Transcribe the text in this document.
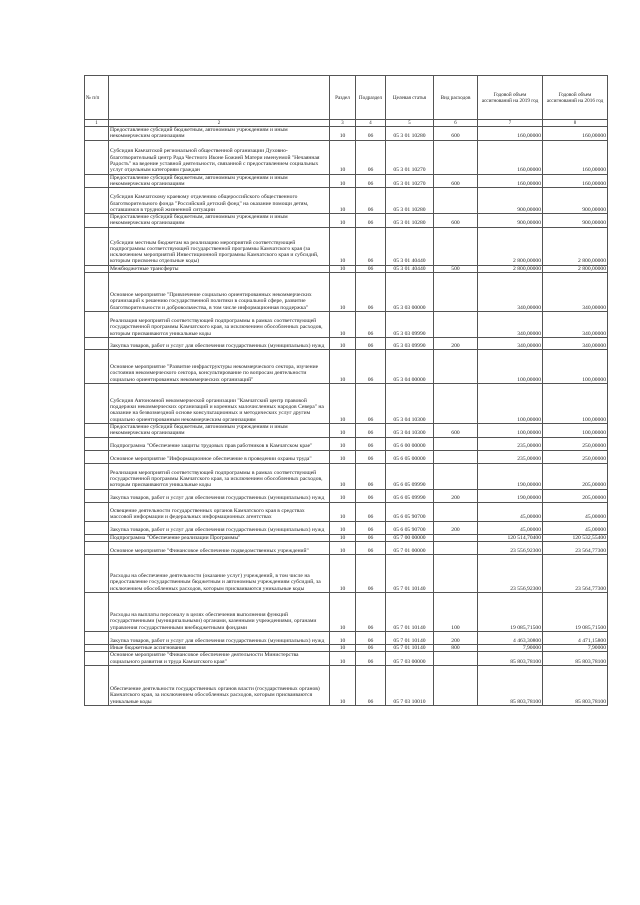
№ п/п		Раздел	Подраздел	Целевая статья	Вид расходов	Годовой объем ассигнований на 2019 год	Годовой объем ассигнований на 2016 год
1	2	3	4	5	6	7	8
	Предоставление субсидий бюджетным, автономным учреждениям и иным некоммерческим организациям	10	06	05 3 01 10280	600	160,00000	160,00000
	Субсидия Камчатской региональной общественной организации Духовно-благотворительный центр Рада Честного Иконе Божией Матери именуемой "Нечаянная Радость" на ведение уставной деятельности, связанной с предоставлением социальных услуг отдельным категориям граждан	10	06	05 3 01 10270		160,00000	160,00000
	Предоставление субсидий бюджетным, автономным учреждениям и иным некоммерческим организациям	10	06	05 3 01 10270	600	160,00000	160,00000
	Субсидия Камчатскому краевому отделению общероссийского общественного благотворительного фонда "Российский детский фонд" на оказание помощи детям, оставшимся в трудной жизненной ситуации	10	06	05 3 01 10280		900,00000	900,00000
	Предоставление субсидий бюджетным, автономным учреждениям и иным некоммерческим организациям	10	06	05 3 01 10280	600	900,00000	900,00000
	Субсидии местным бюджетам на реализацию мероприятий соответствующей подпрограммы соответствующей государственной программы Камчатского края (за исключением мероприятий Инвестиционной программы Камчатского края и субсидий, которым присвоены отдельные коды)	10	06	05 3 01 40440		2 800,00000	2 800,00000
	Межбюджетные трансферты	10	06	05 3 01 40440	500	2 800,00000	2 800,00000
	Основное мероприятие "Привлечение социально ориентированных некоммерческих организаций к решению государственной политики в социальной сфере, развитие благотворительности и добровольчества, в том числе информационная поддержка"	10	06	05 3 03 00000		340,00000	340,00000
	Реализация мероприятий соответствующей подпрограммы в рамках соответствующей государственной программы Камчатского края, за исключением обособленных расходов, которым присваиваются уникальные коды	10	06	05 3 03 09990		340,00000	340,00000
	Закупка товаров, работ и услуг для обеспечения государственных (муниципальных) нужд	10	06	05 3 03 09990	200	340,00000	340,00000
	Основное мероприятие "Развитие инфраструктуры некоммерческого сектора, изучение состояния некоммерческого сектора, консультирование по вопросам деятельности социально ориентированных некоммерческих организаций"	10	06	05 3 04 00000		100,00000	100,00000
	Субсидия Автономной некоммерческой организации "Камчатский центр правовой поддержки некоммерческих организаций и коренных малочисленных народов Севера" на оказание на безвозмездной основе консультационных и методических услуг другим социально ориентированным некоммерческим организациям	10	06	05 3 04 10300		100,00000	100,00000
	Предоставление субсидий бюджетным, автономным учреждениям и иным некоммерческим организациям	10	06	05 3 04 10300	600	100,00000	100,00000
	Подпрограмма "Обеспечение защиты трудовых прав работников в Камчатском крае"	10	06	05 6 00 00000		235,00000	250,00000
	Основное мероприятие "Информационное обеспечение в проведении охраны труда"	10	06	05 6 05 00000		235,00000	250,00000
	Реализация мероприятий соответствующей подпрограммы в рамках соответствующей государственной программы Камчатского края, за исключением обособленных расходов, которым присваиваются уникальные коды	10	06	05 6 05 09990		190,00000	205,00000
	Закупка товаров, работ и услуг для обеспечения государственных (муниципальных) нужд	10	06	05 6 05 09990	200	190,00000	205,00000
	Освещение деятельности государственных органов Камчатского края в средствах массовой информации и федеральных информационных агентствах	10	06	05 6 05 90700		45,00000	45,00000
	Закупка товаров, работ и услуг для обеспечения государственных (муниципальных) нужд	10	06	05 6 05 90700	200	45,00000	45,00000
	Подпрограмма "Обеспечение реализации Программы"	10	06	05 7 00 00000		120 514,70400	120 532,55400
	Основное мероприятие "Финансовое обеспечение подведомственных учреждений"	10	06	05 7 01 00000		23 556,92300	23 564,77300
	Расходы на обеспечение деятельности (оказание услуг) учреждений, в том числе на предоставление государственным бюджетным и автономным учреждениям субсидий, за исключением обособленных расходов, которым присваиваются уникальные коды	10	06	05 7 01 10140		23 556,92300	23 564,77300
	Расходы на выплаты персоналу в целях обеспечения выполнения функций государственными (муниципальными) органами, казенными учреждениями, органами управления государственными внебюджетными фондами	10	06	05 7 01 10140	100	19 085,71500	19 085,71500
	Закупка товаров, работ и услуг для обеспечения государственных (муниципальных) нужд	10	06	05 7 01 10140	200	4 463,30800	4 471,15800
	Иные бюджетные ассигнования	10	06	05 7 01 10140	800	7,90000	7,90000
	Основное мероприятие "Финансовое обеспечение деятельности Министерства социального развития и труда Камчатского края"	10	06	05 7 03 00000		85 803,78100	85 803,78100
	Обеспечение деятельности государственных органов власти (государственных органов) Камчатского края, за исключением обособленных расходов, которым присваиваются уникальные коды	10	06	05 7 03 10010		85 803,78100	85 803,78100
